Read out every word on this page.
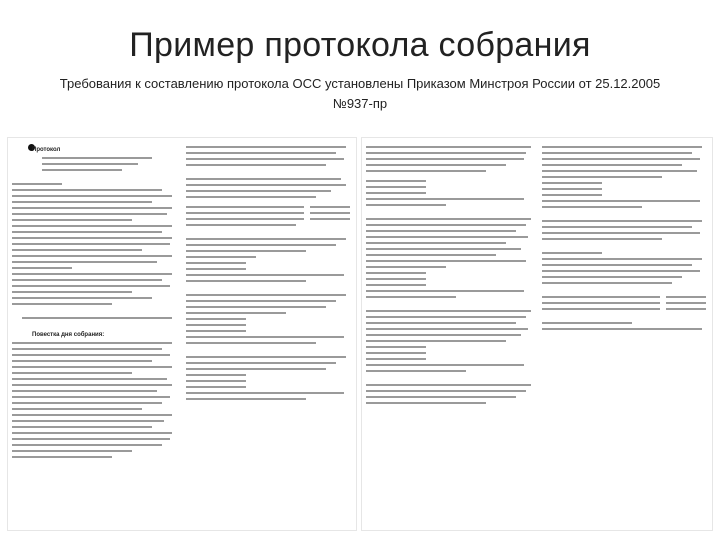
Пример протокола собрания
Требования к составлению протокола ОСС установлены Приказом Минстроя России от 25.12.2005 №937-пр
Протокол
Повестка дня собрания:
